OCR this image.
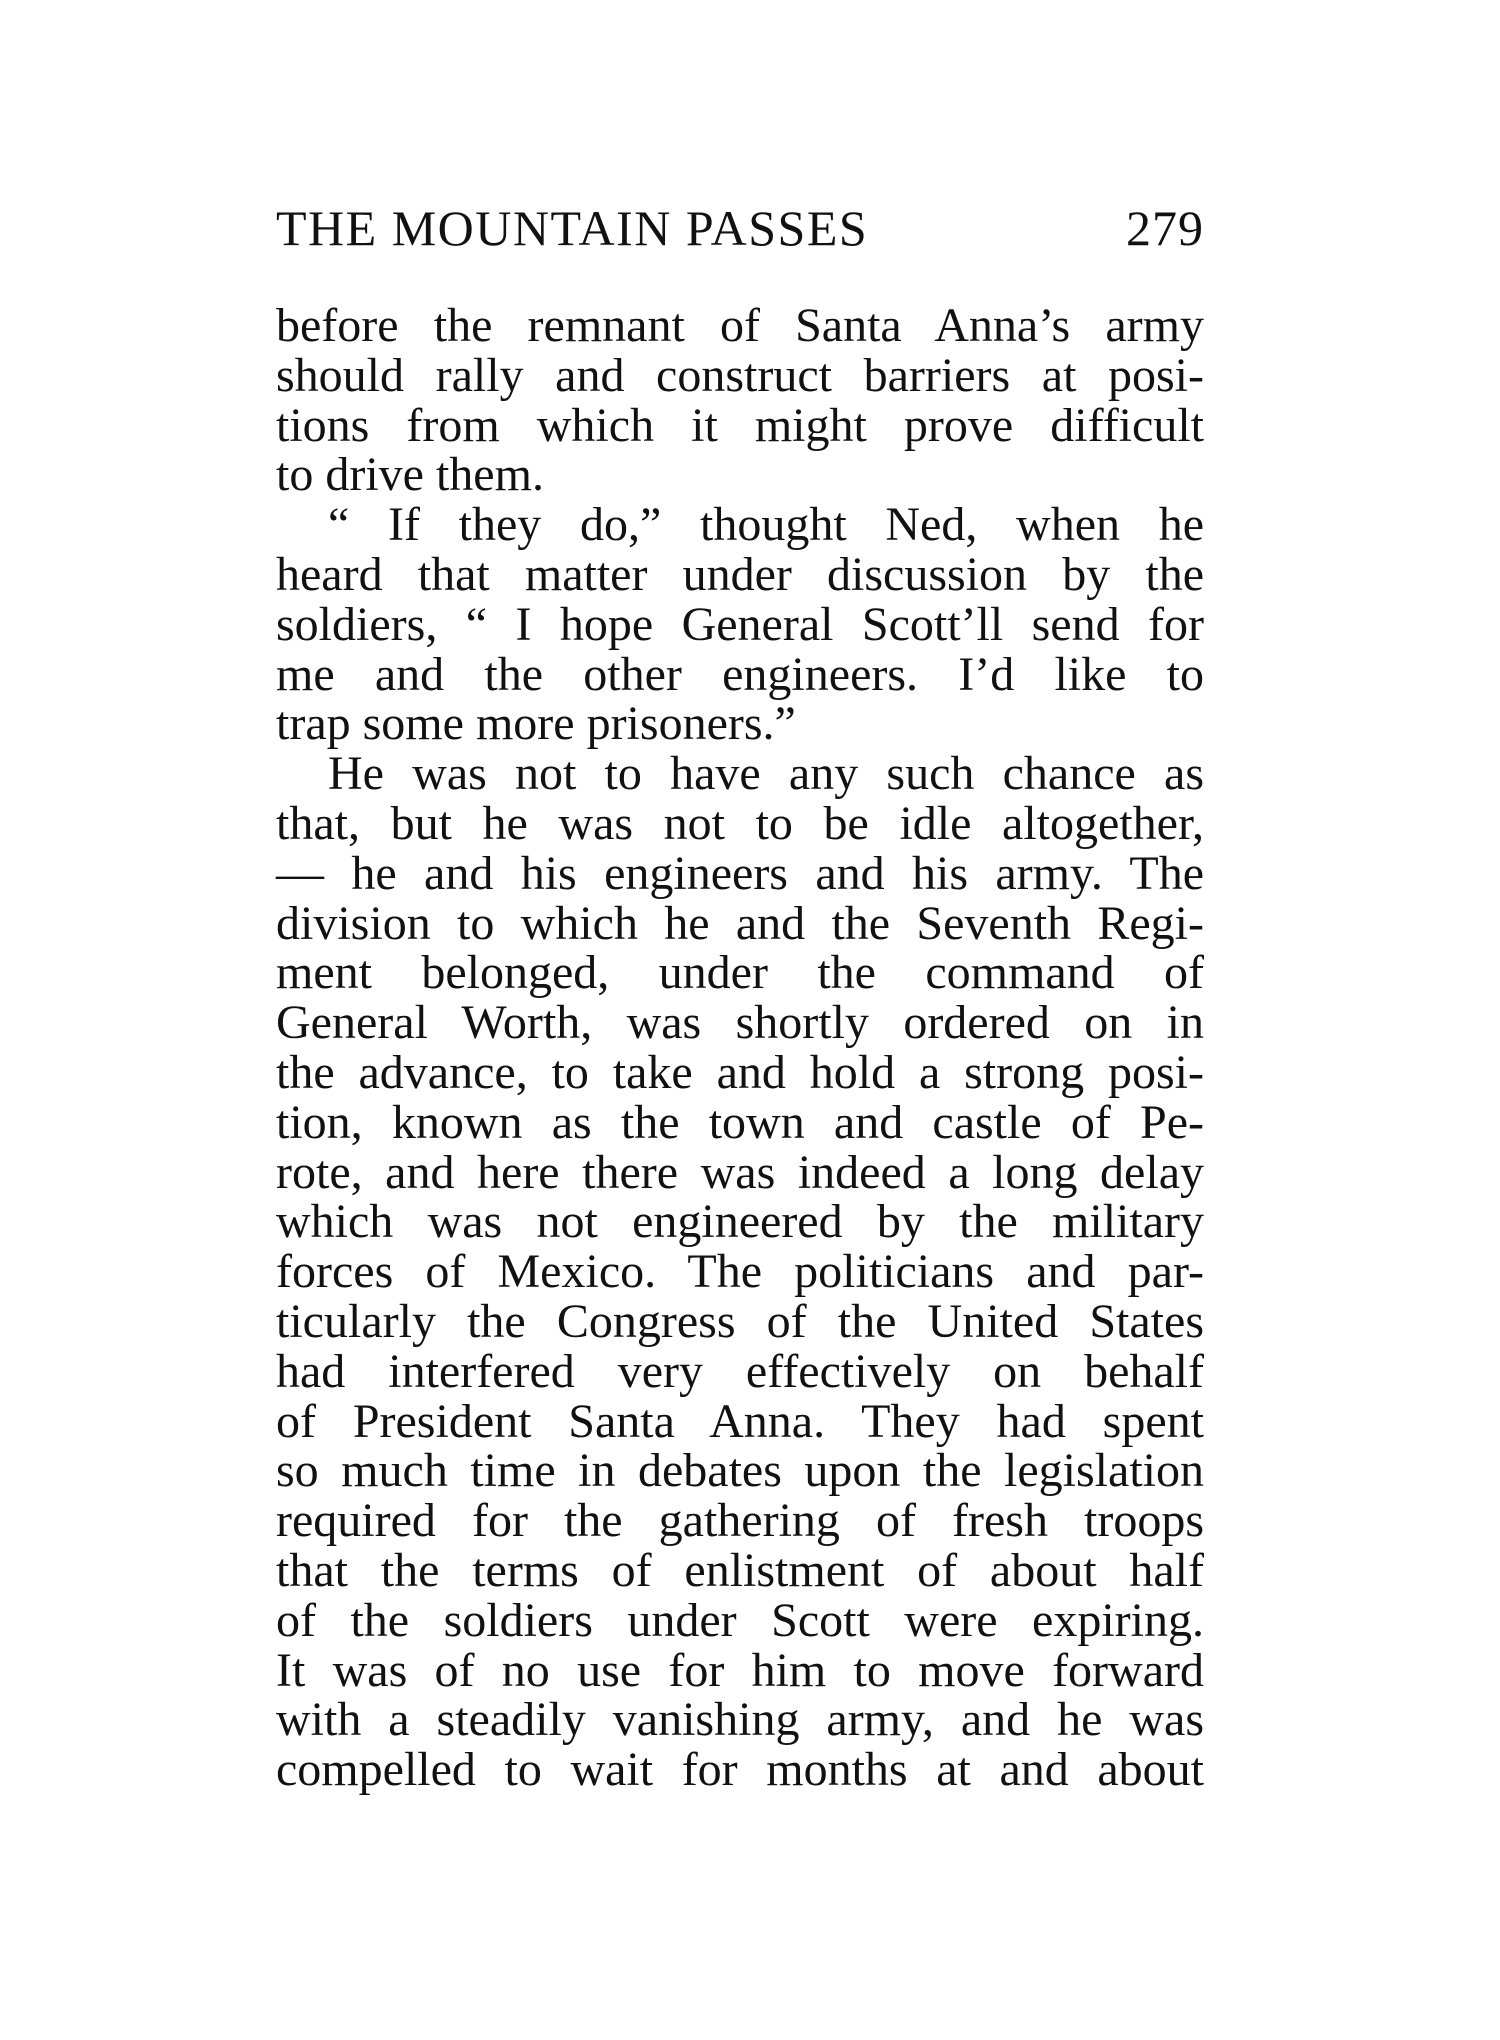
THE MOUNTAIN PASSES	279
before the remnant of Santa Anna’s army
should rally and construct barriers at posi-
tions from which it might prove difficult
to drive them.
“ If they do,” thought Ned, when he
heard that matter under discussion by the
soldiers, “ I hope General Scott’ll send for
me and the other engineers. I’d like to
trap some more prisoners.”
He was not to have any such chance as
that, but he was not to be idle altogether,
— he and his engineers and his army. The
division to which he and the Seventh Regi-
ment belonged, under the command of
General Worth, was shortly ordered on in
the advance, to take and hold a strong posi-
tion, known as the town and castle of Pe-
rote, and here there was indeed a long delay
which was not engineered by the military
forces of Mexico. The politicians and par-
ticularly the Congress of the United States
had interfered very effectively on behalf
of President Santa Anna. They had spent
so much time in debates upon the legislation
required for the gathering of fresh troops
that the terms of enlistment of about half
of the soldiers under Scott were expiring.
It was of no use for him to move forward
with a steadily vanishing army, and he was
compelled to wait for months at and about
